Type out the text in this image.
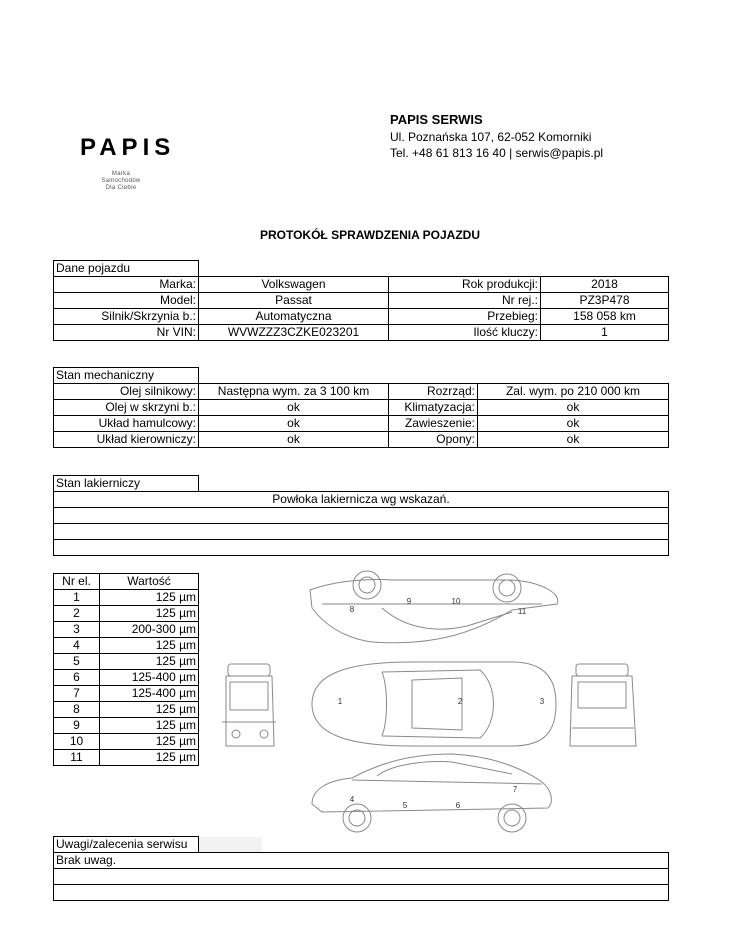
PAPIS
Marka
Samochodów
Dla Ciebie
PAPIS SERWIS
Ul. Poznańska 107, 62-052 Komorniki
Tel. +48 61 813 16 40 | serwis@papis.pl
PROTOKÓŁ SPRAWDZENIA POJAZDU
Dane pojazdu			
Marka:	Volkswagen	Rok produkcji:	2018
Model:	Passat	Nr rej.:	PZ3P478
Silnik/Skrzynia b.:	Automatyczna	Przebieg:	158 058 km
Nr VIN:	WVWZZZ3CZKE023201	Ilość kluczy:	1
Stan mechaniczny			
Olej silnikowy:	Następna wym. za 3 100 km	Rozrząd:	Zal. wym. po 210 000 km
Olej w skrzyni b.:	ok	Klimatyzacja:	ok
Układ hamulcowy:	ok	Zawieszenie:	ok
Układ kierowniczy:	ok	Opony:	ok
Stan lakierniczy	
Powłoka lakiernicza wg wskazań.

Nr el.	Wartość
1	125 µm
2	125 µm
3	200-300 µm
4	125 µm
5	125 µm
6	125-400 µm
7	125-400 µm
8	125 µm
9	125 µm
10	125 µm
11	125 µm
1	2	3
4
5	6
7
8
9	10
11
Uwagi/zalecenia serwisu		
Brak uwag.
